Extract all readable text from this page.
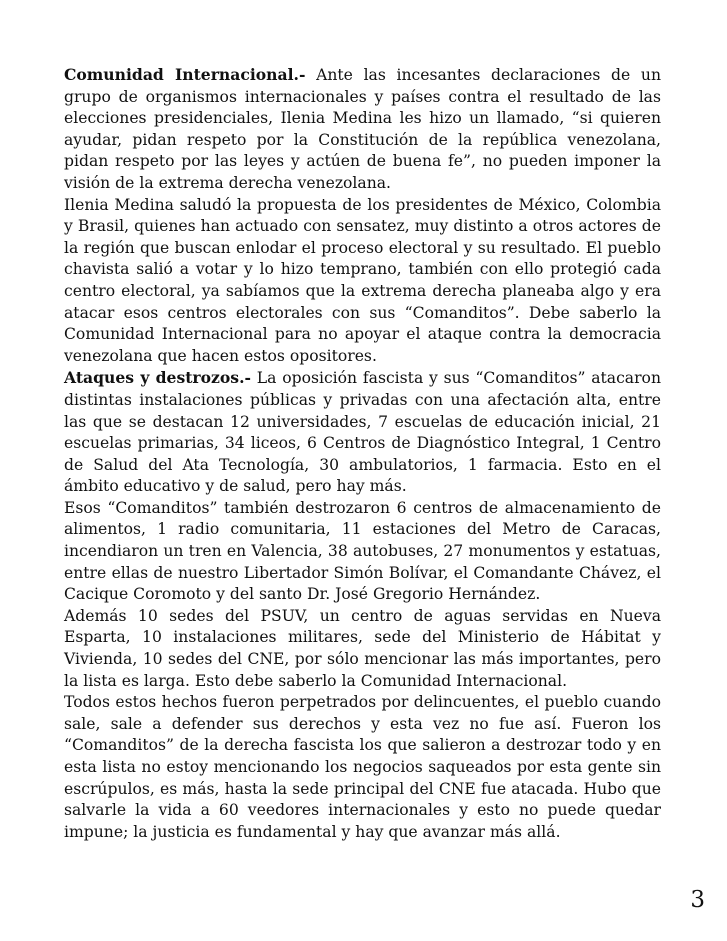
Comunidad Internacional.- Ante las incesantes declaraciones de un grupo de organismos internacionales y países contra el resultado de las elecciones presidenciales, Ilenia Medina les hizo un llamado, “si quieren ayudar, pidan respeto por la Constitución de la república venezolana, pidan respeto por las leyes y actúen de buena fe”, no pueden imponer la visión de la extrema derecha venezolana.

Ilenia Medina saludó la propuesta de los presidentes de México, Colombia y Brasil, quienes han actuado con sensatez, muy distinto a otros actores de la región que buscan enlodar el proceso electoral y su resultado. El pueblo chavista salió a votar y lo hizo temprano, también con ello protegió cada centro electoral, ya sabíamos que la extrema derecha planeaba algo y era atacar esos centros electorales con sus “Comanditos”. Debe saberlo la Comunidad Internacional para no apoyar el ataque contra la democracia venezolana que hacen estos opositores.

Ataques y destrozos.- La oposición fascista y sus “Comanditos” atacaron distintas instalaciones públicas y privadas con una afectación alta, entre las que se destacan 12 universidades, 7 escuelas de educación inicial, 21 escuelas primarias, 34 liceos, 6 Centros de Diagnóstico Integral, 1 Centro de Salud del Ata Tecnología, 30 ambulatorios, 1 farmacia. Esto en el ámbito educativo y de salud, pero hay más.

Esos “Comanditos” también destrozaron 6 centros de almacenamiento de alimentos, 1 radio comunitaria, 11 estaciones del Metro de Caracas, incendiaron un tren en Valencia, 38 autobuses, 27 monumentos y estatuas, entre ellas de nuestro Libertador Simón Bolívar, el Comandante Chávez, el Cacique Coromoto y del santo Dr. José Gregorio Hernández.

Además 10 sedes del PSUV, un centro de aguas servidas en Nueva Esparta, 10 instalaciones militares, sede del Ministerio de Hábitat y Vivienda, 10 sedes del CNE, por sólo mencionar las más importantes, pero la lista es larga. Esto debe saberlo la Comunidad Internacional.

Todos estos hechos fueron perpetrados por delincuentes, el pueblo cuando sale, sale a defender sus derechos y esta vez no fue así. Fueron los “Comanditos” de la derecha fascista los que salieron a destrozar todo y en esta lista no estoy mencionando los negocios saqueados por esta gente sin escrúpulos, es más, hasta la sede principal del CNE fue atacada. Hubo que salvarle la vida a 60 veedores internacionales y esto no puede quedar impune; la justicia es fundamental y hay que avanzar más allá.

3
